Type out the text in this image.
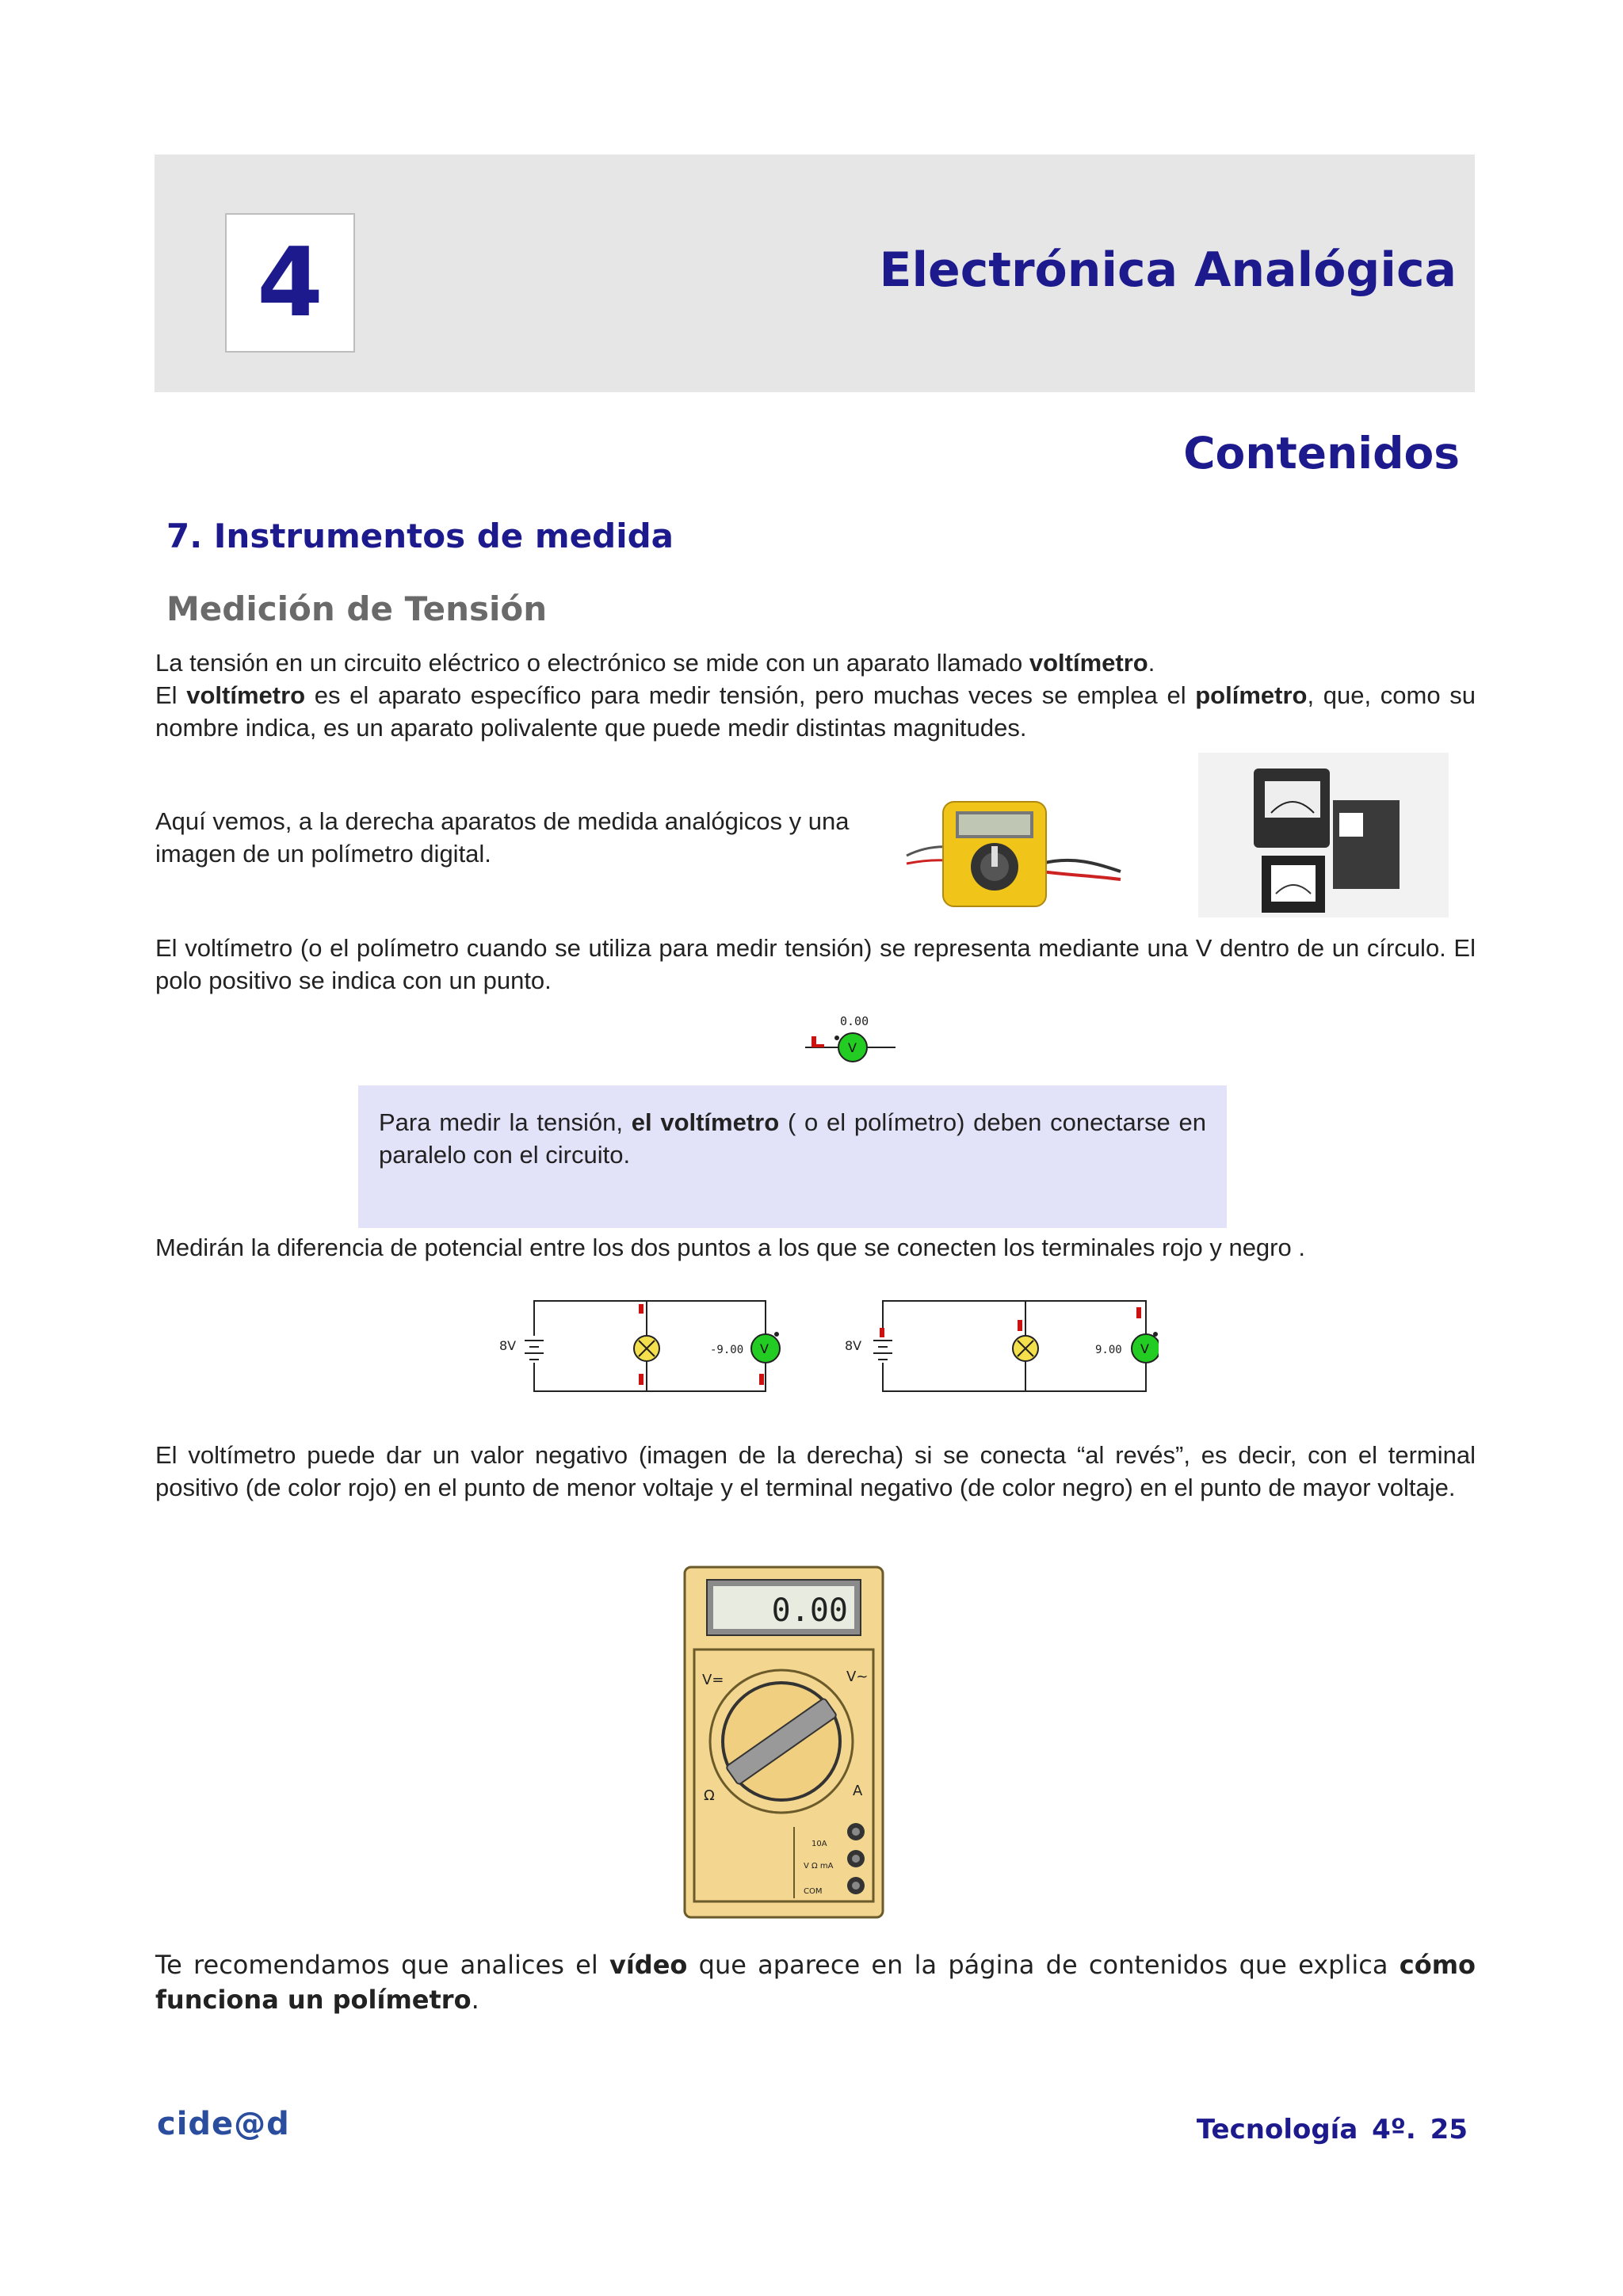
4	Electrónica Analógica
Contenidos
7. Instrumentos de medida
Medición de Tensión
La tensión en un circuito eléctrico o electrónico se mide con un aparato llamado voltímetro.
El voltímetro es el aparato específico para medir tensión, pero muchas veces se emplea el polímetro, que, como su nombre indica, es un aparato polivalente que puede medir distintas magnitudes.
Aquí vemos, a la derecha aparatos de medida analógicos y una imagen de un polímetro digital.
El voltímetro (o el polímetro cuando se utiliza para medir tensión) se representa mediante una V dentro de un círculo. El polo positivo se indica con un punto.
0.00
V
Para medir la tensión, el voltímetro ( o el polímetro) deben conectarse en paralelo con el circuito.
Medirán la diferencia de potencial entre los dos puntos a los que se conecten los terminales rojo y negro .
8V	-9.00 V	8V	9.00 V
El voltímetro puede dar un valor negativo (imagen de la derecha) si se conecta “al revés”, es decir, con el terminal positivo (de color rojo) en el punto de menor voltaje y el terminal negativo (de color negro) en el punto de mayor voltaje.
0.00
V=	V~
Ω	A
V Ω mA
COM
10A
Te recomendamos que analices el vídeo que aparece en la página de contenidos que explica cómo funciona un polímetro.
cide@d	Tecnología 4º. 25
